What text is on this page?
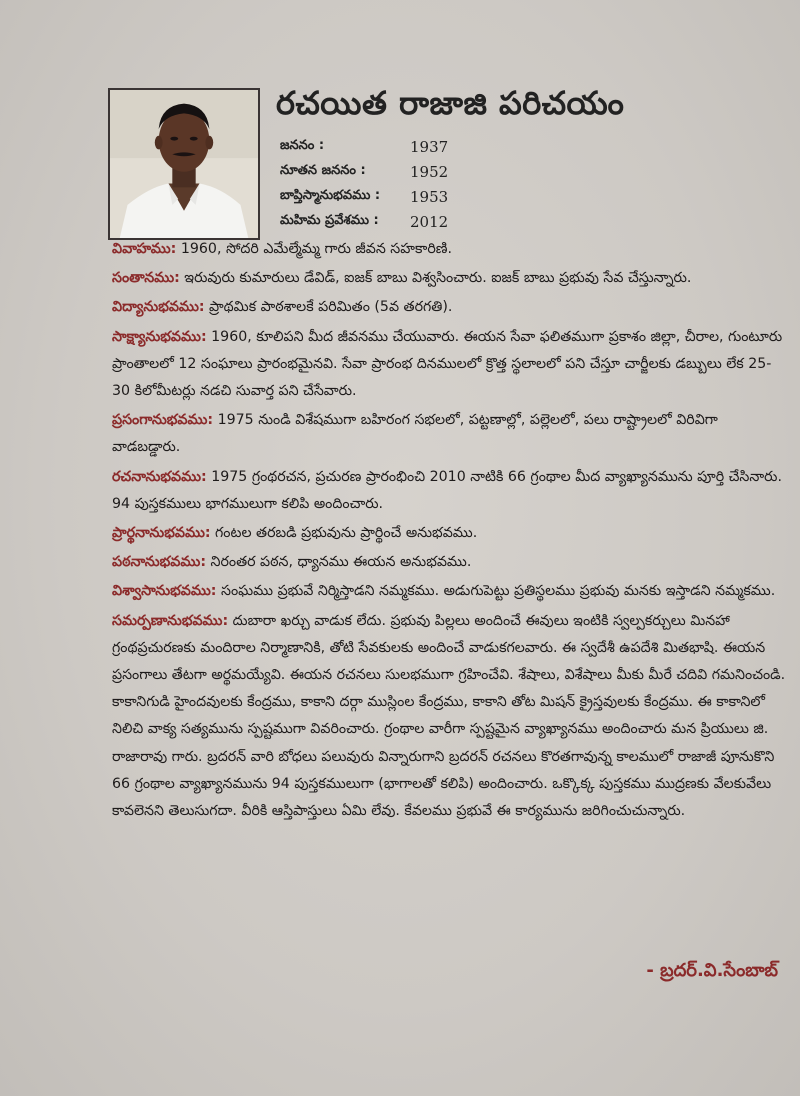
రచయిత రాజాజి పరిచయం
జననం :	1937
నూతన జననం :	1952
బాప్తిస్మానుభవము :	1953
మహిమ ప్రవేశము :	2012

వివాహము: 1960, సోదరి ఎమేల్మేమ్మ గారు జీవన సహకారిణి.

సంతానము: ఇరువురు కుమారులు డేవిడ్, ఐజక్ బాబు విశ్వసించారు. ఐజక్ బాబు ప్రభువు సేవ చేస్తున్నారు.

విద్యానుభవము: ప్రాథమిక పాఠశాలకే పరిమితం (5వ తరగతి).

సాక్ష్యానుభవము: 1960, కూలిపని మీద జీవనము చేయువారు. ఈయన సేవా ఫలితముగా ప్రకాశం జిల్లా, చీరాల, గుంటూరు ప్రాంతాలలో 12 సంఘాలు ప్రారంభమైనవి. సేవా ప్రారంభ దినములలో క్రొత్త స్థలాలలో పని చేస్తూ చార్జీలకు డబ్బులు లేక 25-30 కిలోమీటర్లు నడచి సువార్త పని చేసేవారు.

ప్రసంగానుభవము: 1975 నుండి విశేషముగా బహిరంగ సభలలో, పట్టణాల్లో, పల్లెలలో, పలు రాష్ట్రాలలో విరివిగా వాడబడ్డారు.

రచనానుభవము: 1975 గ్రంథరచన, ప్రచురణ ప్రారంభించి 2010 నాటికి 66 గ్రంథాల మీద వ్యాఖ్యానమును పూర్తి చేసినారు. 94 పుస్తకములు భాగములుగా కలిపి అందించారు.

ప్రార్థనానుభవము: గంటల తరబడి ప్రభువును ప్రార్థించే అనుభవము.

పఠనానుభవము: నిరంతర పఠన, ధ్యానము ఈయన అనుభవము.

విశ్వాసానుభవము: సంఘము ప్రభువే నిర్మిస్తాడని నమ్మకము. అడుగుపెట్టు ప్రతిస్థలము ప్రభువు మనకు ఇస్తాడని నమ్మకము.

సమర్పణానుభవము: దుబారా ఖర్చు వాడుక లేదు. ప్రభువు పిల్లలు అందించే ఈవులు ఇంటికి స్వల్పకర్చులు మినహా గ్రంథప్రచురణకు మందిరాల నిర్మాణానికి, తోటి సేవకులకు అందించే వాడుకగలవారు. ఈ స్వదేశీ ఉపదేశి మితభాషి. ఈయన ప్రసంగాలు తేటగా అర్థమయ్యేవి. ఈయన రచనలు సులభముగా గ్రహించేవి. శేషాలు, విశేషాలు మీకు మీరే చదివి గమనించండి. కాకానిగుడి హైందవులకు కేంద్రము, కాకాని దర్గా ముస్లింల కేంద్రము, కాకాని తోట మిషన్ క్రైస్తవులకు కేంద్రము. ఈ కాకానిలో నిలిచి వాక్య సత్యమును స్పష్టముగా వివరించారు. గ్రంథాల వారీగా స్పష్టమైన వ్యాఖ్యానము అందించారు మన ప్రియులు జి. రాజారావు గారు. బ్రదరన్ వారి బోధలు పలువురు విన్నారుగాని బ్రదరన్ రచనలు కొరతగావున్న కాలములో రాజాజీ పూనుకొని 66 గ్రంథాల వ్యాఖ్యానమును 94 పుస్తకములుగా (భాగాలతో కలిపి) అందించారు. ఒక్కొక్క పుస్తకము ముద్రణకు వేలకువేలు కావలెనని తెలుసుగదా. వీరికి ఆస్తిపాస్తులు ఏమి లేవు. కేవలము ప్రభువే ఈ కార్యమును జరిగించుచున్నారు.

- బ్రదర్.వి.సేంబాబ్
